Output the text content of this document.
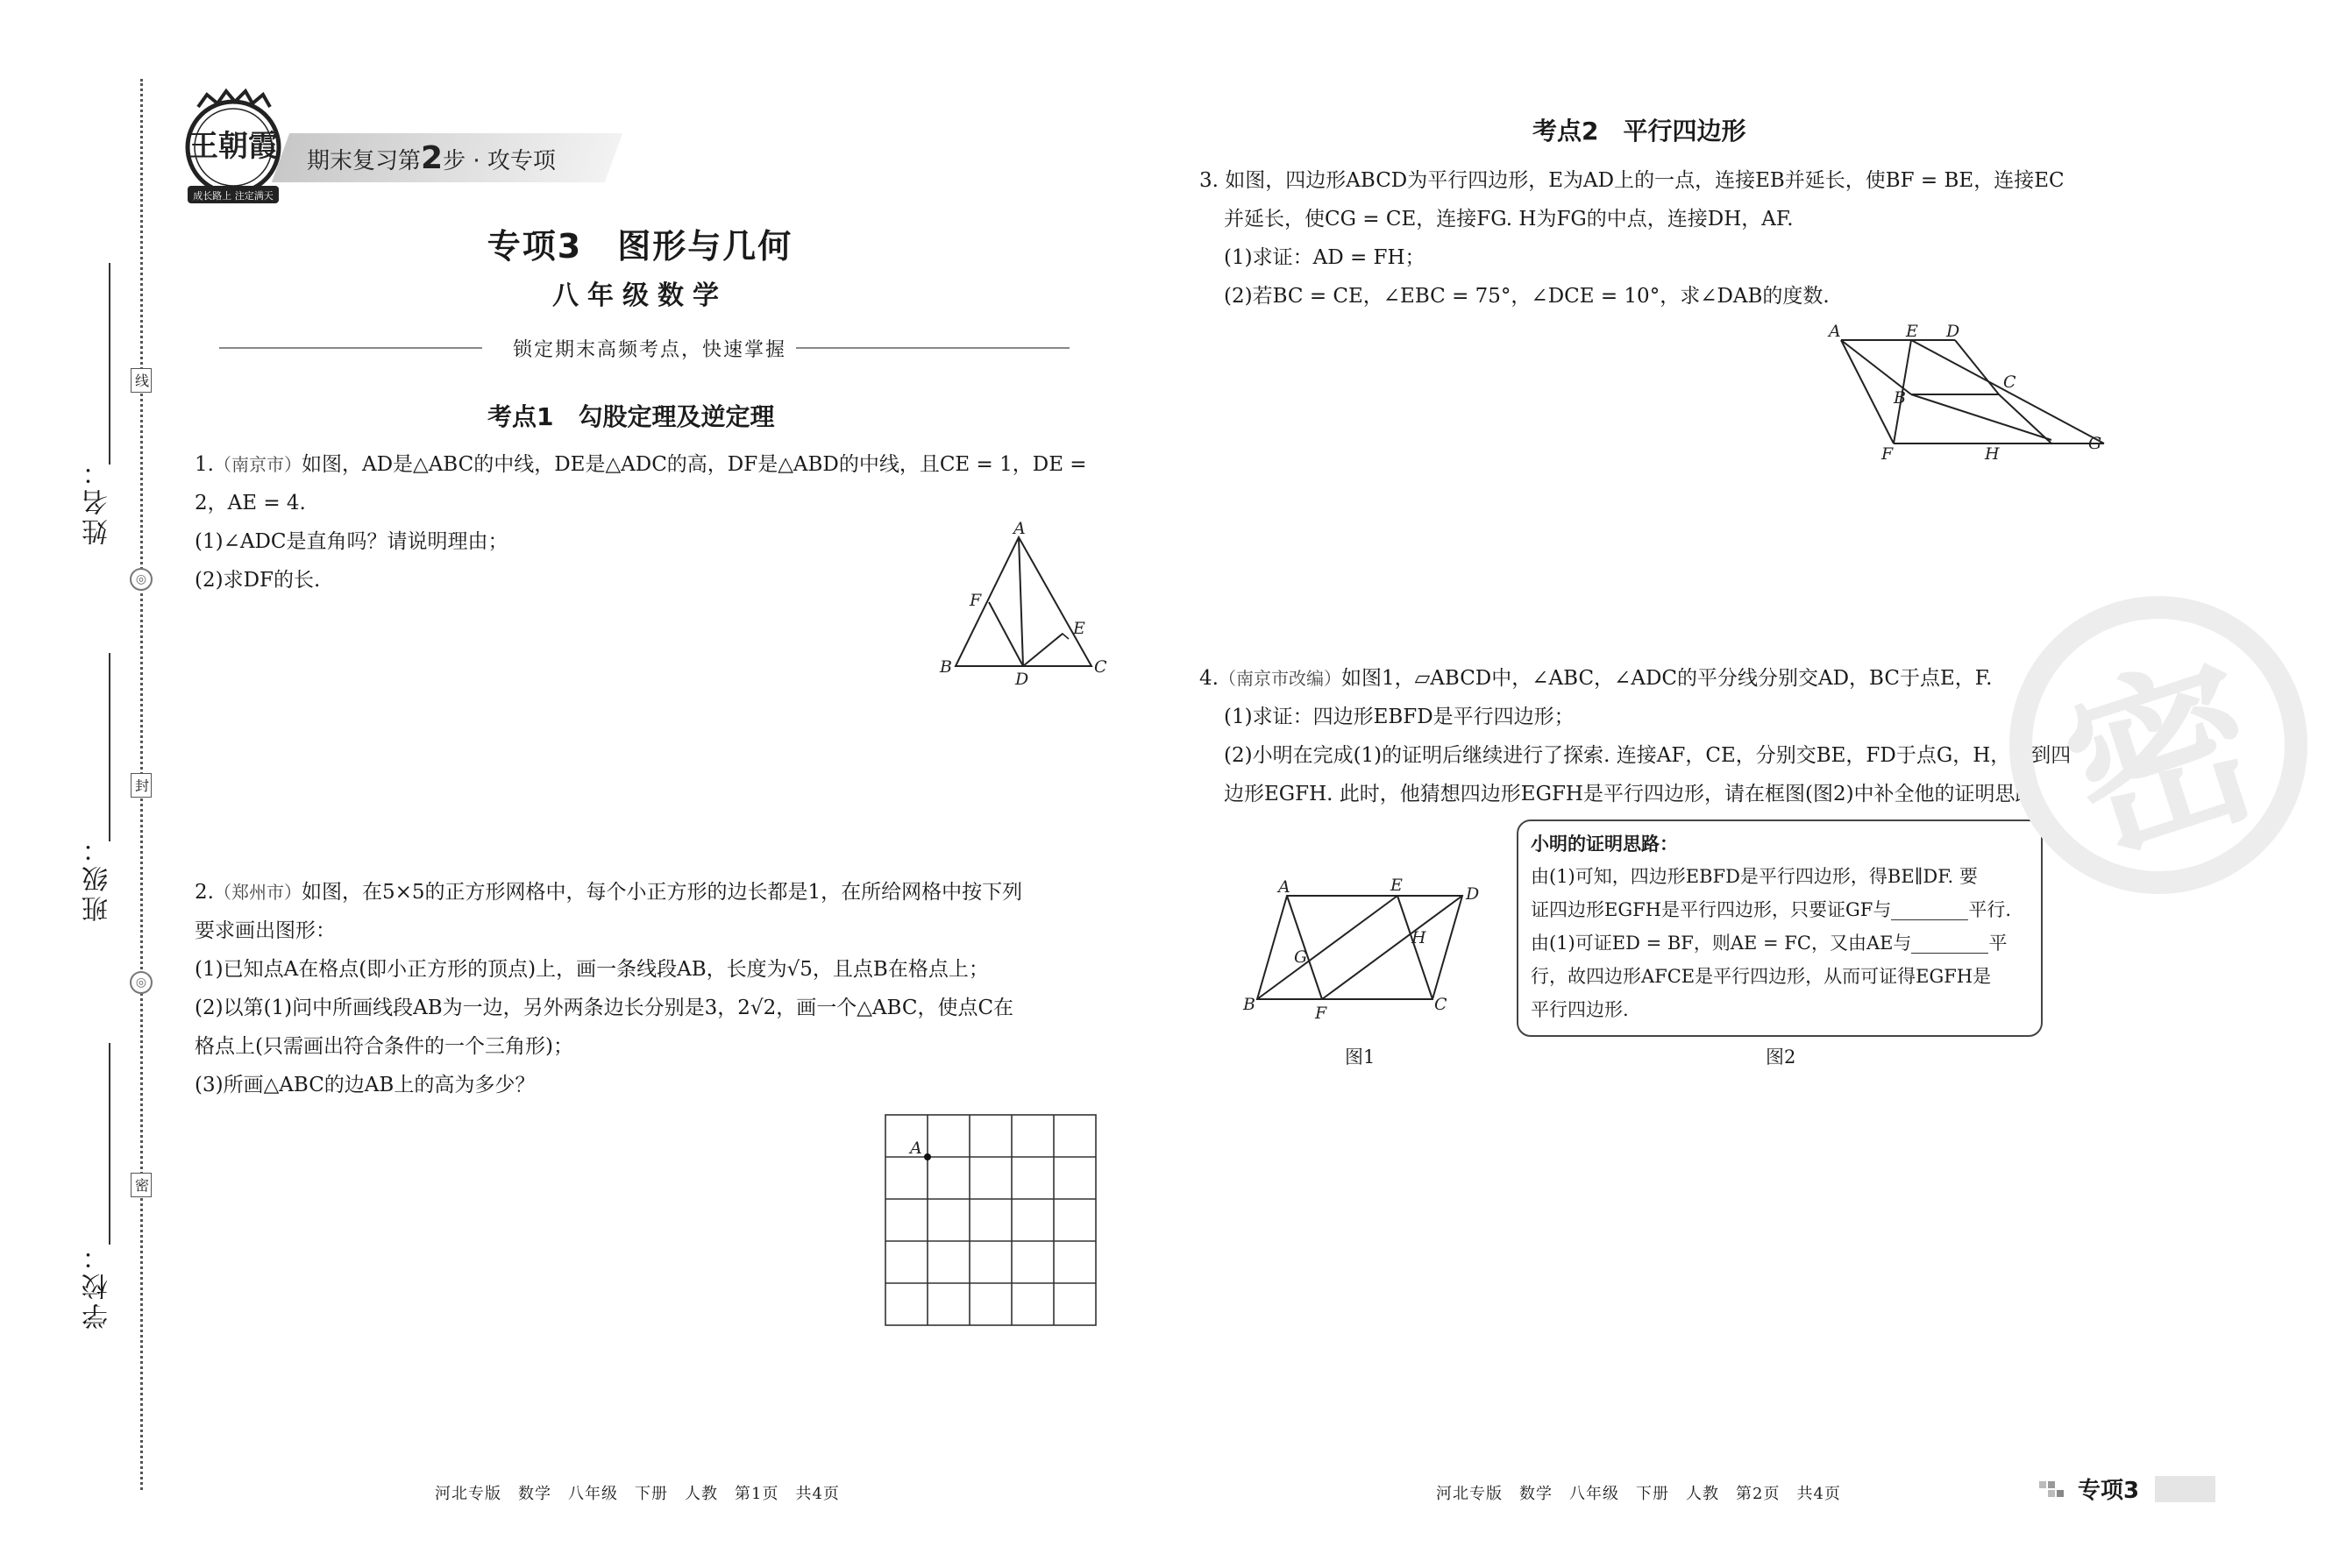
姓名：
班级：
学校：
线
◎
封
◎
密
王朝霞
成长路上 注定满天
期末复习第2步 · 攻专项
专项3　图形与几何
八年级数学
锁定期末高频考点，快速掌握
考点1　勾股定理及逆定理

1.（南京市）如图，AD是△ABC的中线，DE是△ADC的高，DF是△ABD的中线，且CE = 1，DE =

2，AE = 4.

(1)∠ADC是直角吗？请说明理由；

(2)求DF的长.

A
B	C
D
E
F

2.（郑州市）如图，在5×5的正方形网格中，每个小正方形的边长都是1，在所给网格中按下列

要求画出图形：

(1)已知点A在格点(即小正方形的顶点)上，画一条线段AB，长度为√5，且点B在格点上；

(2)以第(1)问中所画线段AB为一边，另外两条边长分别是3，2√2，画一个△ABC，使点C在

格点上(只需画出符合条件的一个三角形)；

(3)所画△ABC的边AB上的高为多少？

A
考点2　平行四边形

3. 如图，四边形ABCD为平行四边形，E为AD上的一点，连接EB并延长，使BF = BE，连接EC

并延长，使CG = CE，连接FG. H为FG的中点，连接DH，AF.

(1)求证：AD = FH；

(2)若BC = CE，∠EBC = 75°，∠DCE = 10°，求∠DAB的度数.

A	E D
C
B
F	H
G

4.（南京市改编）如图1，▱ABCD中，∠ABC，∠ADC的平分线分别交AD，BC于点E，F.

(1)求证：四边形EBFD是平行四边形；

(2)小明在完成(1)的证明后继续进行了探索. 连接AF，CE，分别交BE，FD于点G，H，得到四

边形EGFH. 此时，他猜想四边形EGFH是平行四边形，请在框图(图2)中补全他的证明思路.

A	E	D
H
G
B	F	C
图1
小明的证明思路：
由(1)可知，四边形EBFD是平行四边形，得BE∥DF. 要
证四边形EGFH是平行四边形，只要证GF与	平行.
由(1)可证ED = BF，则AE = FC，又由AE与	平
行，故四边形AFCE是平行四边形，从而可证得EGFH是
平行四边形.
图2
密
河北专版　数学　八年级　下册　人教　第1页　共4页	河北专版　数学　八年级　下册　人教　第2页　共4页	专项3
